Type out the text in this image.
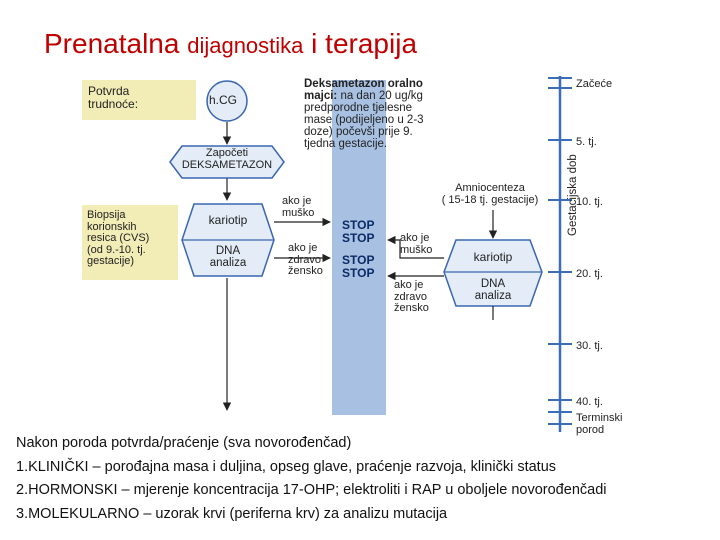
Prenatalna dijagnostika i terapija
Potvrda
trudnoće:	h.CG
Deksametazon oralno
majci: na dan 20 ug/kg
predporodne tjelesne
mase (podijeljeno u 2-3
doze) počevši prije 9.
tjedna gestacije.
Započeti
DEKSAMETAZON
Biopsija
korionskih
resica (CVS)
(od 9.-10. tj.
gestacije)
kariotip
DNA
analiza
ako je
muško
ako je
zdravo
žensko
STOP
STOP
STOP
STOP
Amniocenteza
( 15-18 tj. gestacije)
ako je
muško
ako je
zdravo
žensko
kariotip
DNA
analiza
Začeće
5. tj.
10. tj.
20. tj.
30. tj.
40. tj.
Terminski
porod
Gestacijska dob
Nakon poroda potvrda/praćenje (sva novorođenčad)
1.KLINIČKI – porođajna masa i duljina, opseg glave, praćenje razvoja, klinički status
2.HORMONSKI – mjerenje koncentracija 17-OHP; elektroliti i RAP u oboljele novorođenčadi
3.MOLEKULARNO – uzorak krvi (periferna krv) za analizu mutacija
